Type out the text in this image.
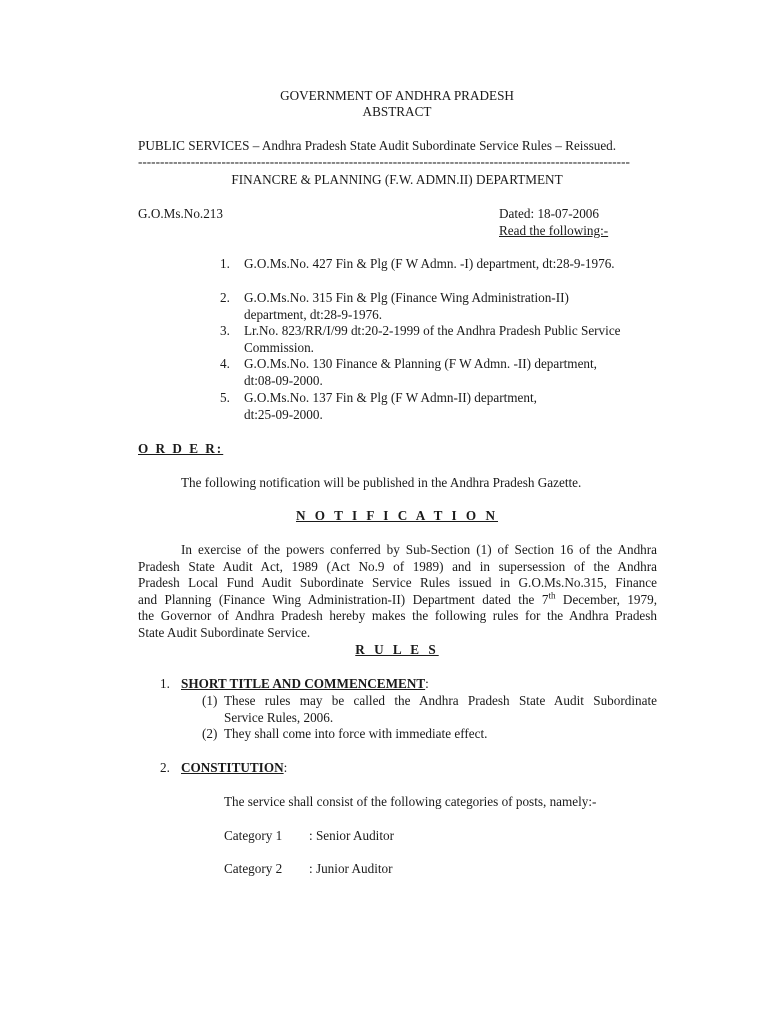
GOVERNMENT OF ANDHRA PRADESH
ABSTRACT
PUBLIC SERVICES – Andhra Pradesh State Audit Subordinate Service Rules – Reissued.
----------------------------------------------------------------------------------------------------------------
FINANCRE & PLANNING (F.W. ADMN.II) DEPARTMENT
G.O.Ms.No.213	Dated: 18-07-2006
Read the following:-
1.	G.O.Ms.No. 427 Fin & Plg (F W Admn. -I) department, dt:28-9-1976.
2.	G.O.Ms.No. 315 Fin & Plg (Finance Wing Administration-II)
department, dt:28-9-1976.
3.	Lr.No. 823/RR/I/99 dt:20-2-1999 of the Andhra Pradesh Public Service
Commission.
4.	G.O.Ms.No. 130 Finance & Planning (F W Admn. -II) department,
dt:08-09-2000.
5.	G.O.Ms.No. 137 Fin & Plg (F W Admn-II) department,
dt:25-09-2000.
O R D E R:
The following notification will be published in the Andhra Pradesh Gazette.
N O T I F I C A T I O N
In exercise of the powers conferred by Sub-Section (1) of Section 16 of the Andhra
Pradesh State Audit Act, 1989 (Act No.9 of 1989) and in supersession of the Andhra
Pradesh Local Fund Audit Subordinate Service Rules issued in G.O.Ms.No.315, Finance
and Planning (Finance Wing Administration-II) Department dated the 7th December, 1979,
the Governor of Andhra Pradesh hereby makes the following rules for the Andhra Pradesh
State Audit Subordinate Service.
R U L E S
1. SHORT TITLE AND COMMENCEMENT:
(1) These rules may be called the Andhra Pradesh State Audit Subordinate
Service Rules, 2006.
(2) They shall come into force with immediate effect.
2. CONSTITUTION:
The service shall consist of the following categories of posts, namely:-
Category 1 : Senior Auditor
Category 2 : Junior Auditor
